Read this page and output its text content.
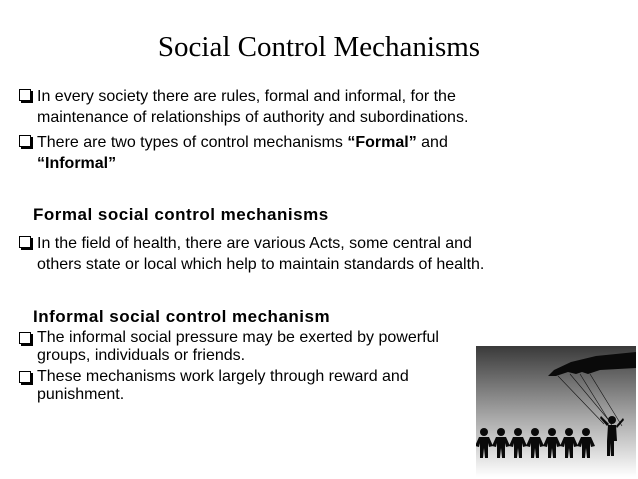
Social Control Mechanisms
In every society there are rules, formal and informal, for the
maintenance of relationships of authority and subordinations.
There are two types of control mechanisms “Formal” and
“Informal”
Formal social control mechanisms
In the field of health, there are various Acts, some central and
others state or local which help to maintain standards of health.
Informal social control mechanism
The informal social pressure may be exerted by powerful
groups, individuals or friends.
These mechanisms work largely through reward and
punishment.
